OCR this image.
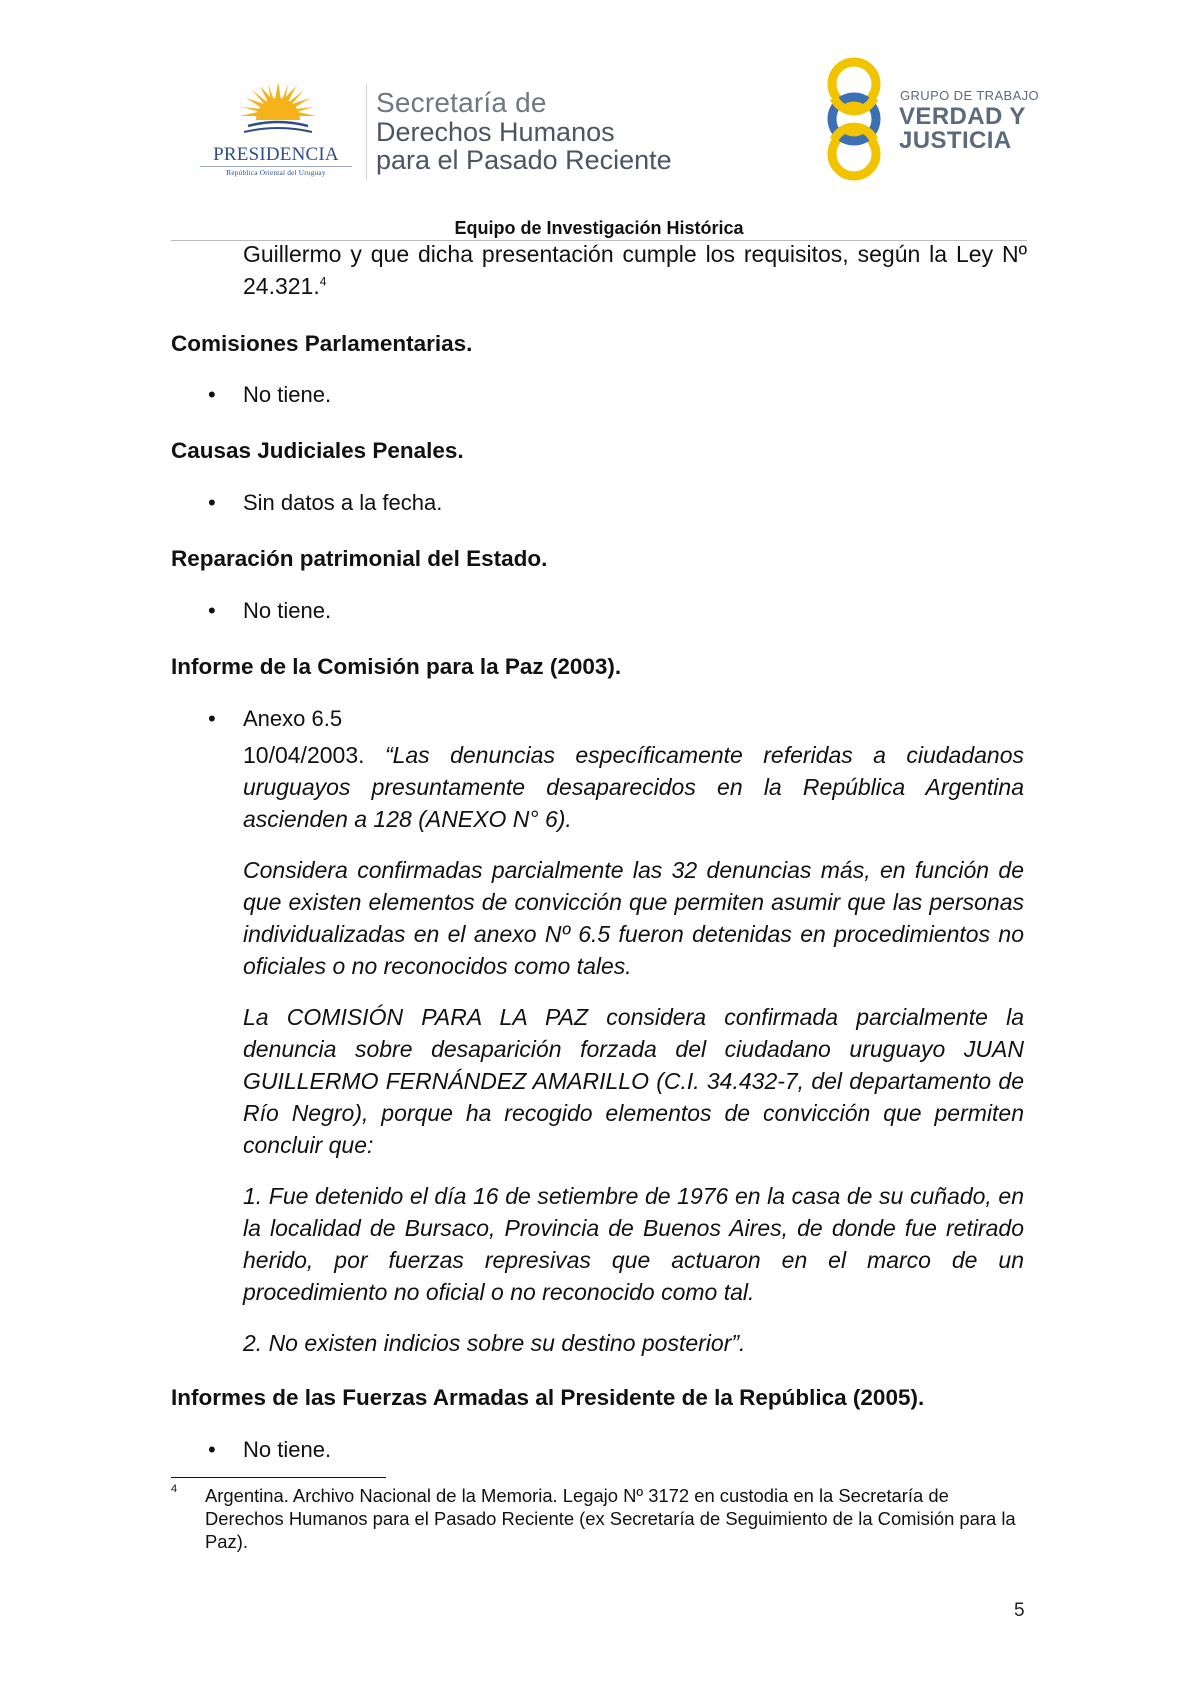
PRESIDENCIA
República Oriental del Uruguay
Secretaría de
Derechos Humanos
para el Pasado Reciente
GRUPO DE TRABAJO
VERDAD Y
JUSTICIA
Equipo de Investigación Histórica
Guillermo y que dicha presentación cumple los requisitos, según la Ley Nº 24.321.$^4$
Comisiones Parlamentarias.
• No tiene.
Causas Judiciales Penales.
• Sin datos a la fecha.
Reparación patrimonial del Estado.
• No tiene.
Informe de la Comisión para la Paz (2003).
• Anexo 6.5
10/04/2003. “Las denuncias específicamente referidas a ciudadanos uruguayos presuntamente desaparecidos en la República Argentina ascienden a 128 (ANEXO N° 6).
Considera confirmadas parcialmente las 32 denuncias más, en función de que existen elementos de convicción que permiten asumir que las personas individualizadas en el anexo Nº 6.5 fueron detenidas en procedimientos no oficiales o no reconocidos como tales.
La COMISIÓN PARA LA PAZ considera confirmada parcialmente la denuncia sobre desaparición forzada del ciudadano uruguayo JUAN GUILLERMO FERNÁNDEZ AMARILLO (C.I. 34.432-7, del departamento de Río Negro), porque ha recogido elementos de convicción que permiten concluir que:
1. Fue detenido el día 16 de setiembre de 1976 en la casa de su cuñado, en la localidad de Bursaco, Provincia de Buenos Aires, de donde fue retirado herido, por fuerzas represivas que actuaron en el marco de un procedimiento no oficial o no reconocido como tal.
2. No existen indicios sobre su destino posterior”.
Informes de las Fuerzas Armadas al Presidente de la República (2005).
• No tiene.
4 Argentina. Archivo Nacional de la Memoria. Legajo Nº 3172 en custodia en la Secretaría de Derechos Humanos para el Pasado Reciente (ex Secretaría de Seguimiento de la Comisión para la Paz).
5
